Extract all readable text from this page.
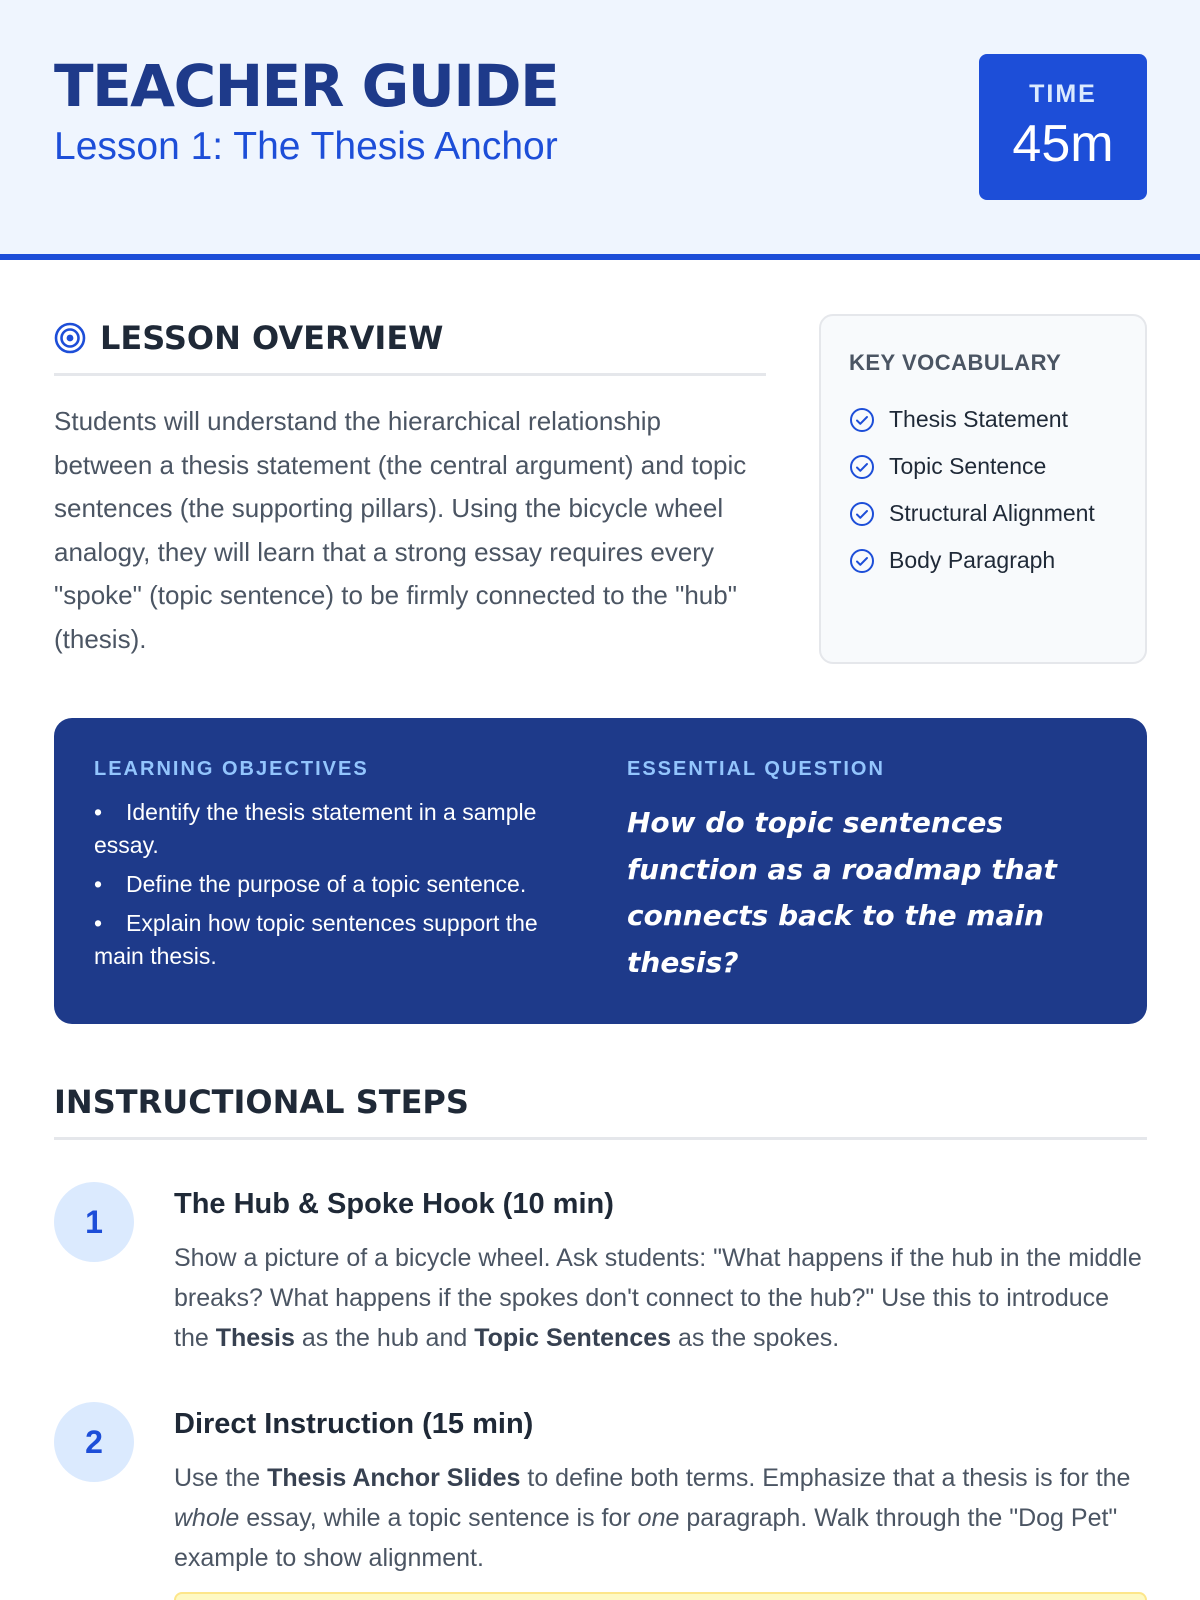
TEACHER GUIDE
Lesson 1: The Thesis Anchor
TIME
45m
LESSON OVERVIEW

Students will understand the hierarchical relationship between a thesis statement (the central argument) and topic sentences (the supporting pillars). Using the bicycle wheel analogy, they will learn that a strong essay requires every "spoke" (topic sentence) to be firmly connected to the "hub" (thesis).

KEY VOCABULARY
Thesis Statement
Topic Sentence
Structural Alignment
Body Paragraph
LEARNING OBJECTIVES
• Identify the thesis statement in a sample essay.
• Define the purpose of a topic sentence.
• Explain how topic sentences support the main thesis.
ESSENTIAL QUESTION
How do topic sentences function as a roadmap that connects back to the main thesis?
INSTRUCTIONAL STEPS
1	The Hub & Spoke Hook (10 min)

Show a picture of a bicycle wheel. Ask students: "What happens if the hub in the middle breaks? What happens if the spokes don't connect to the hub?" Use this to introduce the Thesis as the hub and Topic Sentences as the spokes.

2	Direct Instruction (15 min)

Use the Thesis Anchor Slides to define both terms. Emphasize that a thesis is for the whole essay, while a topic sentence is for one paragraph. Walk through the "Dog Pet" example to show alignment.
